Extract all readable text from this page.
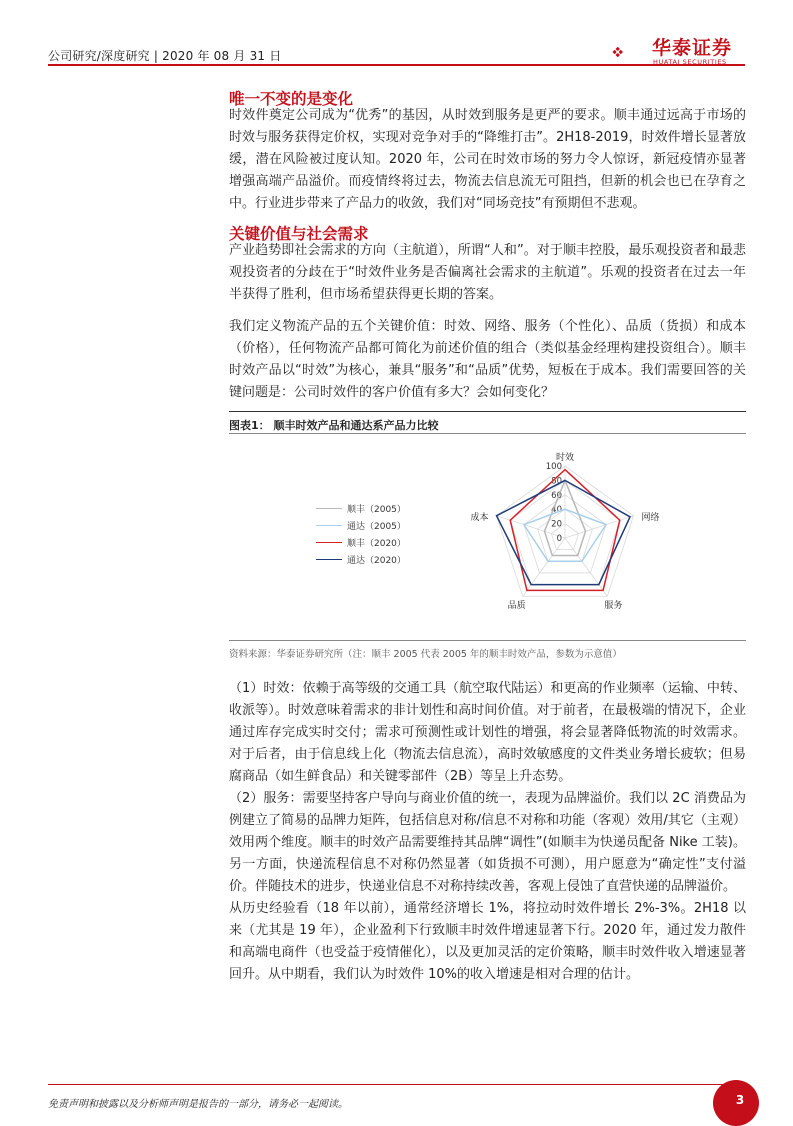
公司研究/深度研究 | 2020 年 08 月 31 日	华泰证券
HUATAI SECURITIES
唯一不变的是变化
时效件奠定公司成为“优秀”的基因，从时效到服务是更严的要求。顺丰通过远高于市场的时效与服务获得定价权，实现对竞争对手的“降维打击”。2H18-2019，时效件增长显著放缓，潜在风险被过度认知。2020 年，公司在时效市场的努力令人惊讶，新冠疫情亦显著增强高端产品溢价。而疫情终将过去，物流去信息流无可阻挡，但新的机会也已在孕育之中。行业进步带来了产品力的收敛，我们对“同场竞技”有预期但不悲观。
关键价值与社会需求
产业趋势即社会需求的方向（主航道），所谓“人和”。对于顺丰控股，最乐观投资者和最悲观投资者的分歧在于“时效件业务是否偏离社会需求的主航道”。乐观的投资者在过去一年半获得了胜利，但市场希望获得更长期的答案。
我们定义物流产品的五个关键价值：时效、网络、服务（个性化）、品质（货损）和成本（价格），任何物流产品都可简化为前述价值的组合（类似基金经理构建投资组合）。顺丰时效产品以“时效”为核心，兼具“服务”和“品质”优势，短板在于成本。我们需要回答的关键问题是：公司时效件的客户价值有多大？会如何变化？
图表1： 顺丰时效产品和通达系产品力比较
0
20
40
60
80
100
时效
网络
服务
品质
成本
顺丰（2005）
通达（2005）
顺丰（2020）
通达（2020）
资料来源：华泰证券研究所（注：顺丰 2005 代表 2005 年的顺丰时效产品，参数为示意值）
（1）时效：依赖于高等级的交通工具（航空取代陆运）和更高的作业频率（运输、中转、收派等）。时效意味着需求的非计划性和高时间价值。对于前者，在最极端的情况下，企业通过库存完成实时交付；需求可预测性或计划性的增强，将会显著降低物流的时效需求。对于后者，由于信息线上化（物流去信息流），高时效敏感度的文件类业务增长疲软；但易腐商品（如生鲜食品）和关键零部件（2B）等呈上升态势。
（2）服务：需要坚持客户导向与商业价值的统一，表现为品牌溢价。我们以 2C 消费品为例建立了简易的品牌力矩阵，包括信息对称/信息不对称和功能（客观）效用/其它（主观）效用两个维度。顺丰的时效产品需要维持其品牌“调性”(如顺丰为快递员配备 Nike 工装)。另一方面，快递流程信息不对称仍然显著（如货损不可测），用户愿意为“确定性”支付溢价。伴随技术的进步，快递业信息不对称持续改善，客观上侵蚀了直营快递的品牌溢价。
从历史经验看（18 年以前），通常经济增长 1%，将拉动时效件增长 2%-3%。2H18 以来（尤其是 19 年），企业盈利下行致顺丰时效件增速显著下行。2020 年，通过发力散件和高端电商件（也受益于疫情催化），以及更加灵活的定价策略，顺丰时效件收入增速显著回升。从中期看，我们认为时效件 10%的收入增速是相对合理的估计。
免责声明和披露以及分析师声明是报告的一部分，请务必一起阅读。	3
